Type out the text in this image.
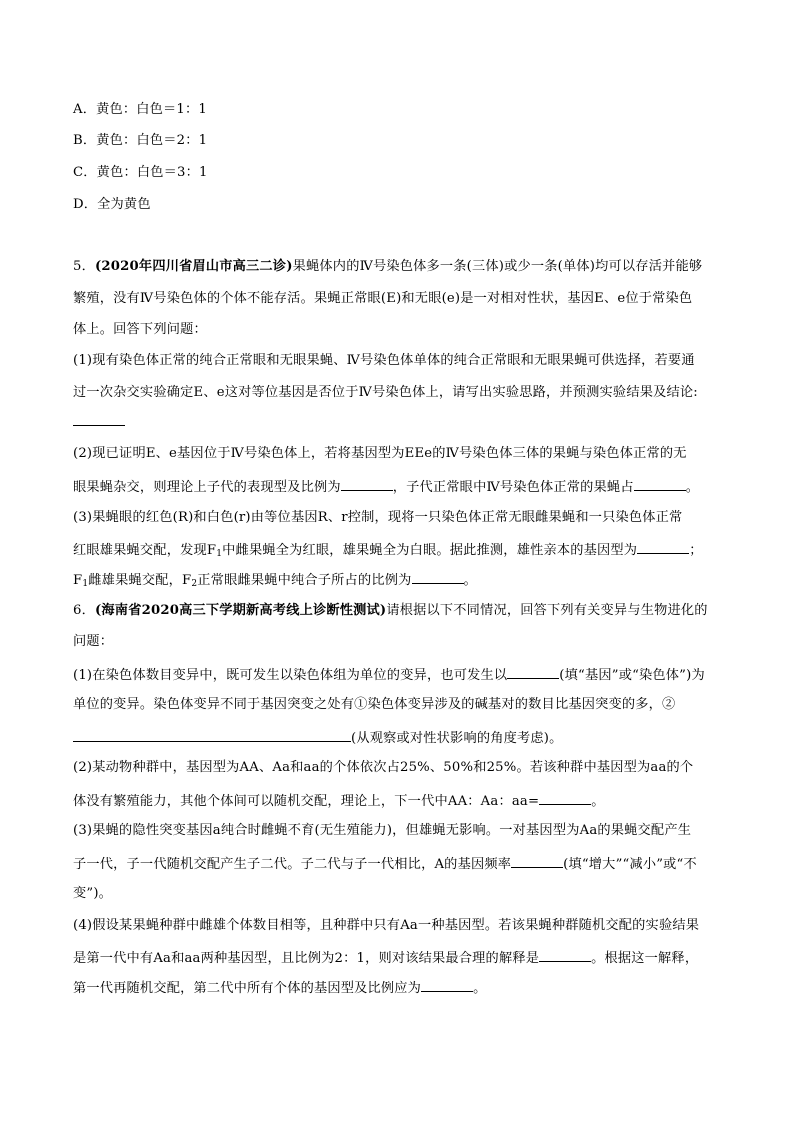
A．黄色：白色＝1：1
B．黄色：白色＝2：1
C．黄色：白色＝3：1
D．全为黄色
5．(2020年四川省眉山市高三二诊)果蝇体内的Ⅳ号染色体多一条(三体)或少一条(单体)均可以存活并能够
繁殖，没有Ⅳ号染色体的个体不能存活。果蝇正常眼(E)和无眼(e)是一对相对性状，基因E、e位于常染色
体上。回答下列问题：
(1)现有染色体正常的纯合正常眼和无眼果蝇、Ⅳ号染色体单体的纯合正常眼和无眼果蝇可供选择，若要通
过一次杂交实验确定E、e这对等位基因是否位于Ⅳ号染色体上，请写出实验思路，并预测实验结果及结论:
(2)现已证明E、e基因位于Ⅳ号染色体上，若将基因型为EEe的Ⅳ号染色体三体的果蝇与染色体正常的无
眼果蝇杂交，则理论上子代的表现型及比例为	，子代正常眼中Ⅳ号染色体正常的果蝇占	。
(3)果蝇眼的红色(R)和白色(r)由等位基因R、r控制，现将一只染色体正常无眼雌果蝇和一只染色体正常
红眼雄果蝇交配，发现$F_1$中雌果蝇全为红眼，雄果蝇全为白眼。据此推测，雄性亲本的基因型为	；
$F_1$雌雄果蝇交配，$F_2$正常眼雌果蝇中纯合子所占的比例为	。
6．(海南省2020高三下学期新高考线上诊断性测试)请根据以下不同情况，回答下列有关变异与生物进化的
问题：
(1)在染色体数目变异中，既可发生以染色体组为单位的变异，也可发生以	(填“基因”或“染色体”)为
单位的变异。染色体变异不同于基因突变之处有①染色体变异涉及的碱基对的数目比基因突变的多，②
(从观察或对性状影响的角度考虑)。
(2)某动物种群中，基因型为AA、Aa和aa的个体依次占25%、50%和25%。若该种群中基因型为aa的个
体没有繁殖能力，其他个体间可以随机交配，理论上，下一代中AA：Aa：aa=	。
(3)果蝇的隐性突变基因a纯合时雌蝇不育(无生殖能力)，但雄蝇无影响。一对基因型为Aa的果蝇交配产生
子一代，子一代随机交配产生子二代。子二代与子一代相比，A的基因频率	(填“增大”“减小”或“不
变”)。
(4)假设某果蝇种群中雌雄个体数目相等，且种群中只有Aa一种基因型。若该果蝇种群随机交配的实验结果
是第一代中有Aa和aa两种基因型，且比例为2：1，则对该结果最合理的解释是	。根据这一解释，
第一代再随机交配，第二代中所有个体的基因型及比例应为	。
